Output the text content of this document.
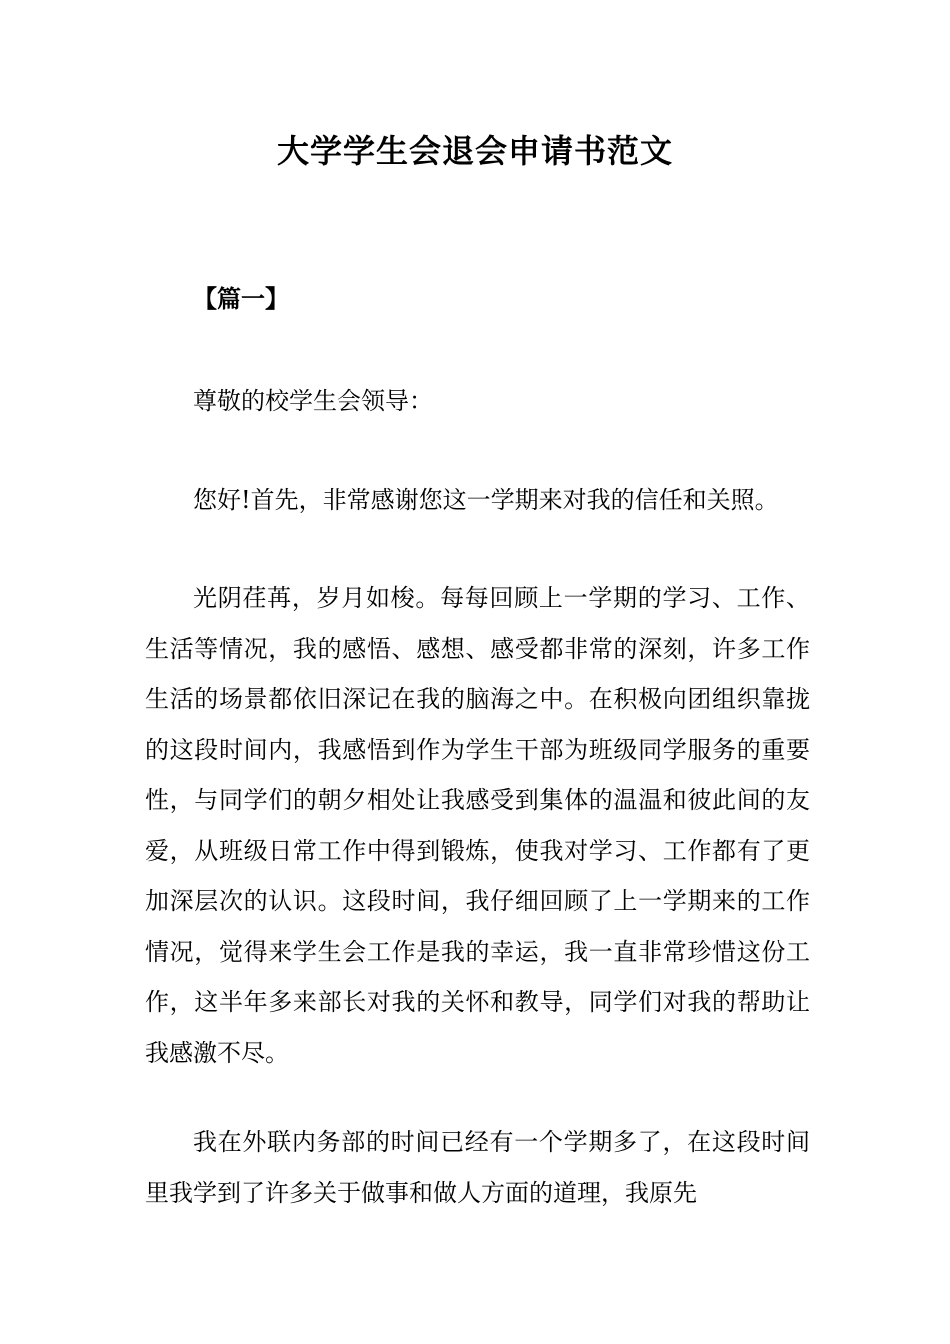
大学学生会退会申请书范文

【篇一】

尊敬的校学生会领导：

您好!首先，非常感谢您这一学期来对我的信任和关照。

光阴荏苒，岁月如梭。每每回顾上一学期的学习、工作、生活等情况，我的感悟、感想、感受都非常的深刻，许多工作生活的场景都依旧深记在我的脑海之中。在积极向团组织靠拢的这段时间内，我感悟到作为学生干部为班级同学服务的重要性，与同学们的朝夕相处让我感受到集体的温温和彼此间的友爱，从班级日常工作中得到锻炼，使我对学习、工作都有了更加深层次的认识。这段时间，我仔细回顾了上一学期来的工作情况，觉得来学生会工作是我的幸运，我一直非常珍惜这份工作，这半年多来部长对我的关怀和教导，同学们对我的帮助让我感激不尽。

我在外联内务部的时间已经有一个学期多了，在这段时间里我学到了许多关于做事和做人方面的道理，我原先
